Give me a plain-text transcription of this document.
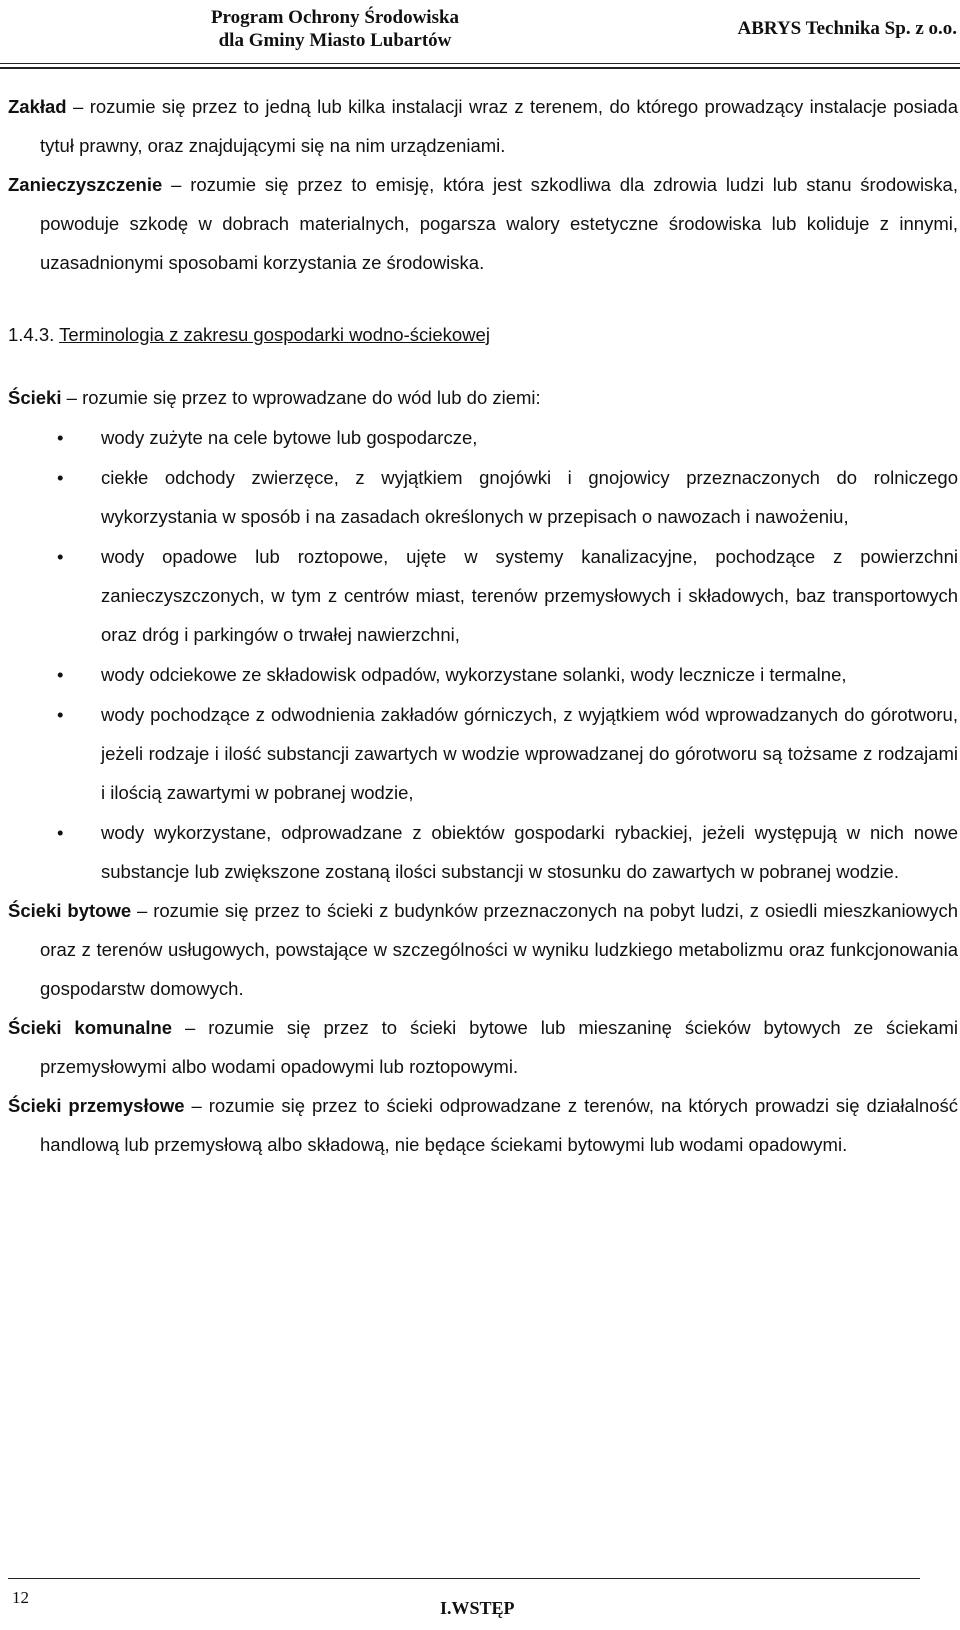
Program Ochrony Środowiska
dla Gminy Miasto Lubartów
ABRYS Technika Sp. z o.o.

Zakład – rozumie się przez to jedną lub kilka instalacji wraz z terenem, do którego prowadzący instalacje posiada tytuł prawny, oraz znajdującymi się na nim urządzeniami.

Zanieczyszczenie – rozumie się przez to emisję, która jest szkodliwa dla zdrowia ludzi lub stanu środowiska, powoduje szkodę w dobrach materialnych, pogarsza walory estetyczne środowiska lub koliduje z innymi, uzasadnionymi sposobami korzystania ze środowiska.

1.4.3. Terminologia z zakresu gospodarki wodno-ściekowej

Ścieki – rozumie się przez to wprowadzane do wód lub do ziemi:

• wody zużyte na cele bytowe lub gospodarcze,
• ciekłe odchody zwierzęce, z wyjątkiem gnojówki i gnojowicy przeznaczonych do rolniczego wykorzystania w sposób i na zasadach określonych w przepisach o nawozach i nawożeniu,
• wody opadowe lub roztopowe, ujęte w systemy kanalizacyjne, pochodzące z powierzchni zanieczyszczonych, w tym z centrów miast, terenów przemysłowych i składowych, baz transportowych oraz dróg i parkingów o trwałej nawierzchni,
• wody odciekowe ze składowisk odpadów, wykorzystane solanki, wody lecznicze i termalne,
• wody pochodzące z odwodnienia zakładów górniczych, z wyjątkiem wód wprowadzanych do górotworu, jeżeli rodzaje i ilość substancji zawartych w wodzie wprowadzanej do górotworu są tożsame z rodzajami i ilością zawartymi w pobranej wodzie,
• wody wykorzystane, odprowadzane z obiektów gospodarki rybackiej, jeżeli występują w nich nowe substancje lub zwiększone zostaną ilości substancji w stosunku do zawartych w pobranej wodzie.

Ścieki bytowe – rozumie się przez to ścieki z budynków przeznaczonych na pobyt ludzi, z osiedli mieszkaniowych oraz z terenów usługowych, powstające w szczególności w wyniku ludzkiego metabolizmu oraz funkcjonowania gospodarstw domowych.

Ścieki komunalne – rozumie się przez to ścieki bytowe lub mieszaninę ścieków bytowych ze ściekami przemysłowymi albo wodami opadowymi lub roztopowymi.

Ścieki przemysłowe – rozumie się przez to ścieki odprowadzane z terenów, na których prowadzi się działalność handlową lub przemysłową albo składową, nie będące ściekami bytowymi lub wodami opadowymi.

12
I.WSTĘP
